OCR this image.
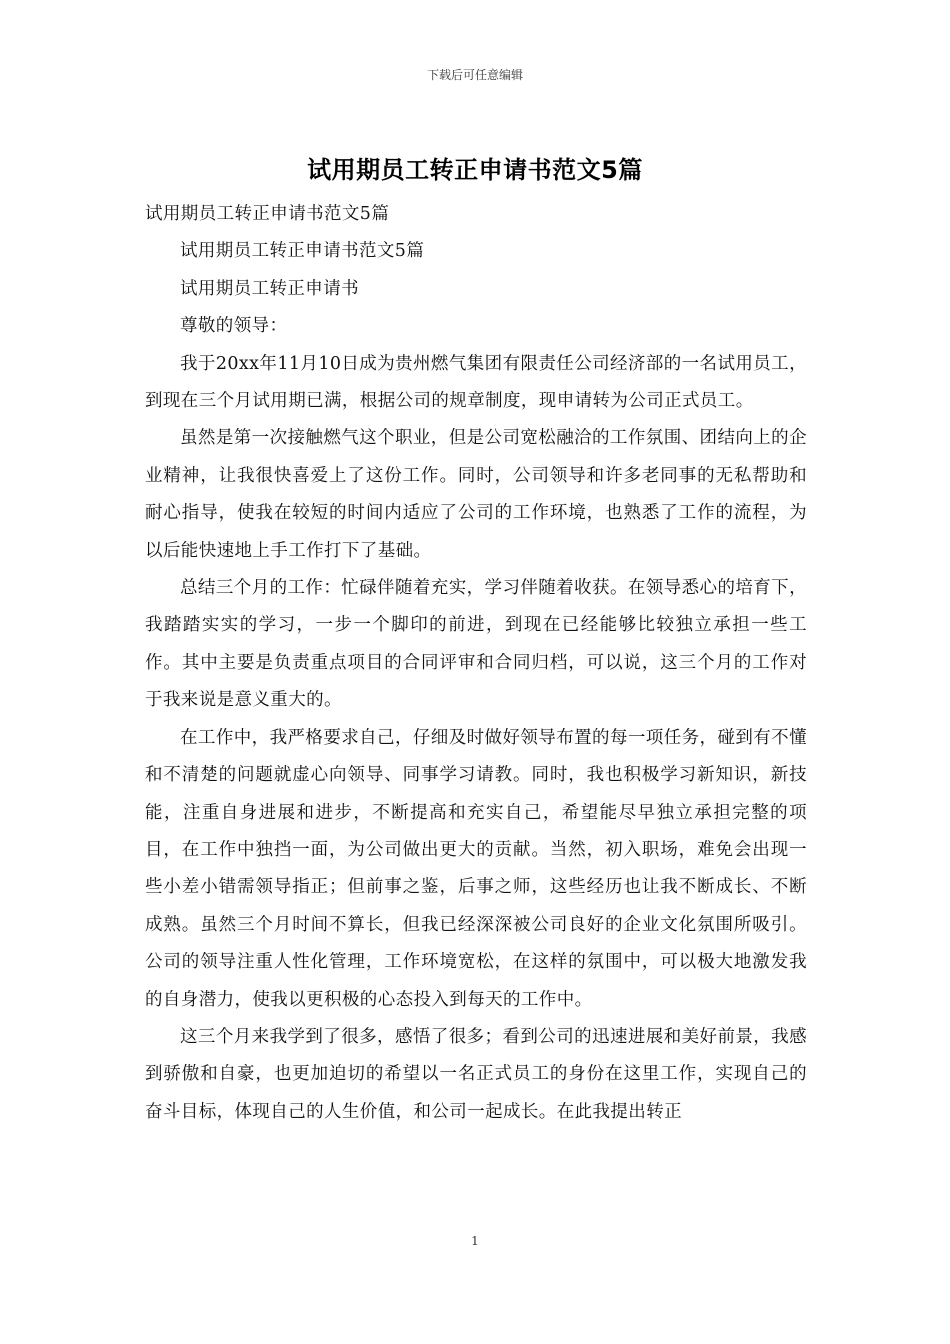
下载后可任意编辑
试用期员工转正申请书范文5篇

试用期员工转正申请书范文5篇

试用期员工转正申请书范文5篇

试用期员工转正申请书

尊敬的领导：

我于20xx年11月10日成为贵州燃气集团有限责任公司经济部的一名试用员工，到现在三个月试用期已满，根据公司的规章制度，现申请转为公司正式员工。

虽然是第一次接触燃气这个职业，但是公司宽松融洽的工作氛围、团结向上的企业精神，让我很快喜爱上了这份工作。同时，公司领导和许多老同事的无私帮助和耐心指导，使我在较短的时间内适应了公司的工作环境，也熟悉了工作的流程，为以后能快速地上手工作打下了基础。

总结三个月的工作：忙碌伴随着充实，学习伴随着收获。在领导悉心的培育下，我踏踏实实的学习，一步一个脚印的前进，到现在已经能够比较独立承担一些工作。其中主要是负责重点项目的合同评审和合同归档，可以说，这三个月的工作对于我来说是意义重大的。

在工作中，我严格要求自己，仔细及时做好领导布置的每一项任务，碰到有不懂和不清楚的问题就虚心向领导、同事学习请教。同时，我也积极学习新知识，新技能，注重自身进展和进步，不断提高和充实自己，希望能尽早独立承担完整的项目，在工作中独挡一面，为公司做出更大的贡献。当然，初入职场，难免会出现一些小差小错需领导指正；但前事之鉴，后事之师，这些经历也让我不断成长、不断成熟。虽然三个月时间不算长，但我已经深深被公司良好的企业文化氛围所吸引。公司的领导注重人性化管理，工作环境宽松，在这样的氛围中，可以极大地激发我的自身潜力，使我以更积极的心态投入到每天的工作中。

这三个月来我学到了很多，感悟了很多；看到公司的迅速进展和美好前景，我感到骄傲和自豪，也更加迫切的希望以一名正式员工的身份在这里工作，实现自己的奋斗目标，体现自己的人生价值，和公司一起成长。在此我提出转正

1
